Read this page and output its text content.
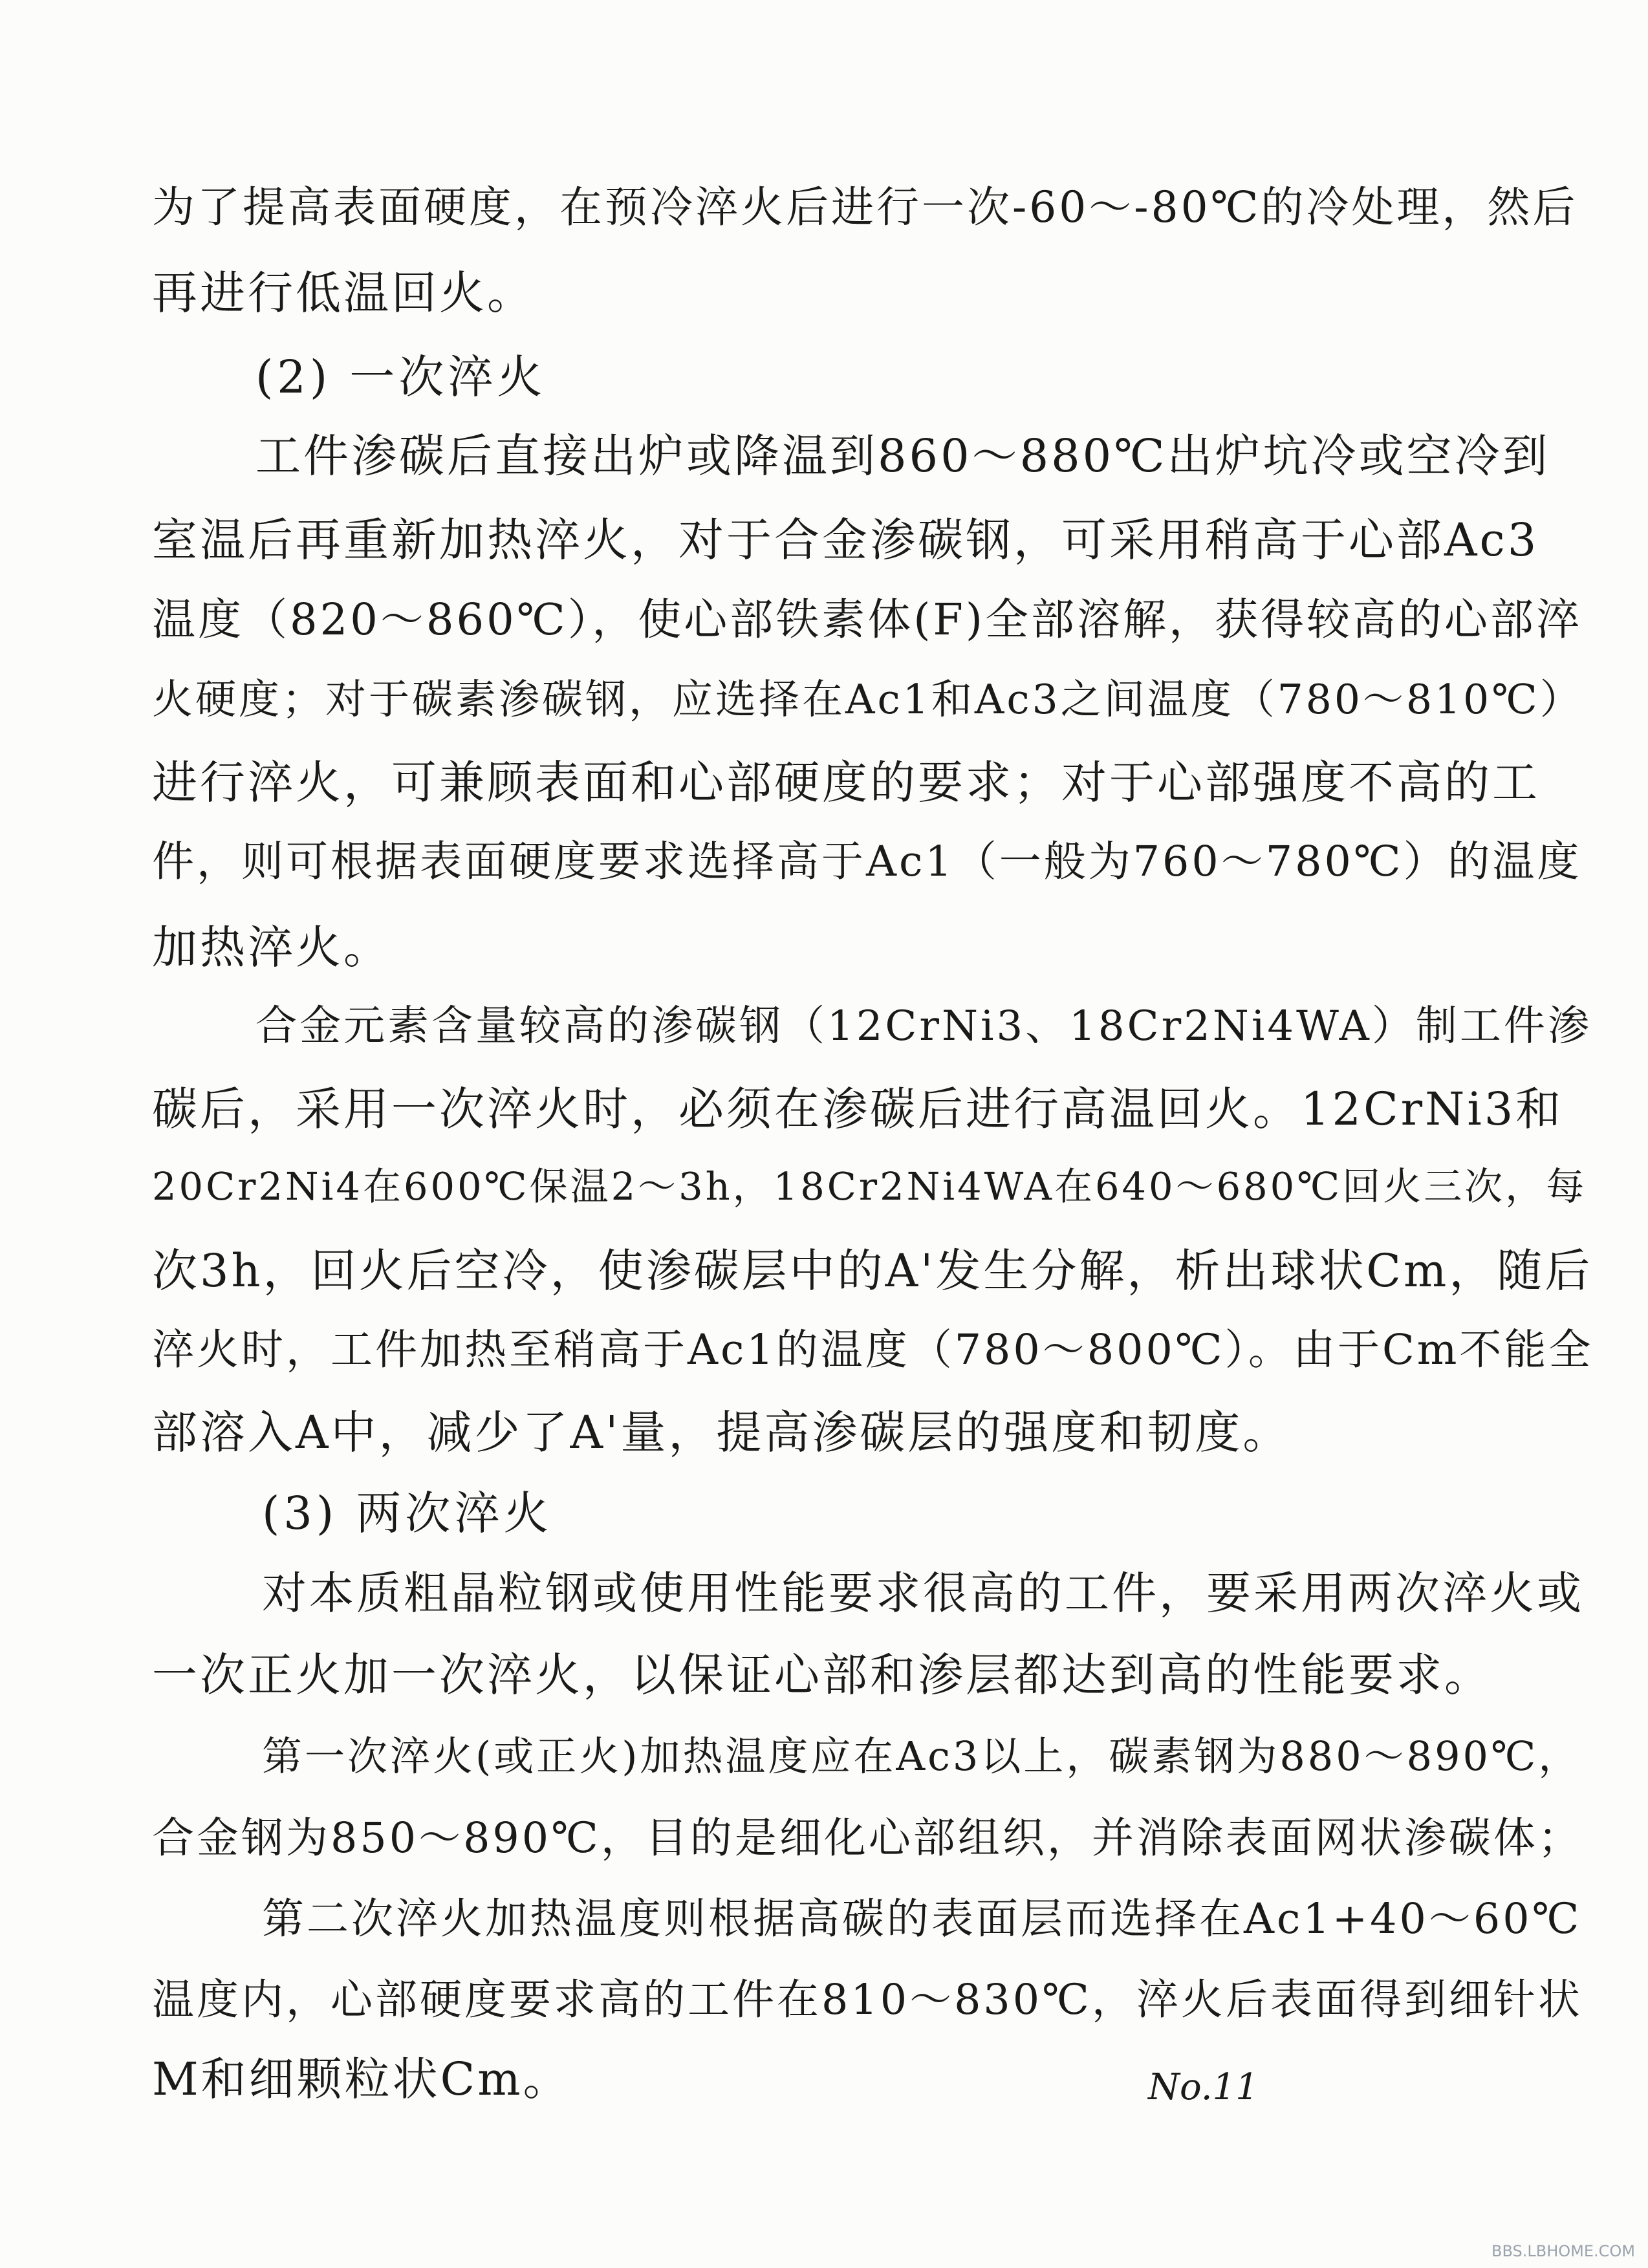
为了提高表面硬度，在预冷淬火后进行一次-60～-80℃的冷处理，然后
再进行低温回火。
(2) 一次淬火
工件渗碳后直接出炉或降温到860～880℃出炉坑冷或空冷到
室温后再重新加热淬火，对于合金渗碳钢，可采用稍高于心部Ac3
温度（820～860℃），使心部铁素体(F)全部溶解，获得较高的心部淬
火硬度；对于碳素渗碳钢，应选择在Ac1和Ac3之间温度（780～810℃）
进行淬火，可兼顾表面和心部硬度的要求；对于心部强度不高的工
件，则可根据表面硬度要求选择高于Ac1（一般为760～780℃）的温度
加热淬火。
合金元素含量较高的渗碳钢（12CrNi3、18Cr2Ni4WA）制工件渗
碳后，采用一次淬火时，必须在渗碳后进行高温回火。12CrNi3和
20Cr2Ni4在600℃保温2～3h，18Cr2Ni4WA在640～680℃回火三次，每
次3h，回火后空冷，使渗碳层中的A'发生分解，析出球状Cm，随后
淬火时，工件加热至稍高于Ac1的温度（780～800℃）。由于Cm不能全
部溶入A中，减少了A'量，提高渗碳层的强度和韧度。
(3) 两次淬火
对本质粗晶粒钢或使用性能要求很高的工件，要采用两次淬火或
一次正火加一次淬火，以保证心部和渗层都达到高的性能要求。
第一次淬火(或正火)加热温度应在Ac3以上，碳素钢为880～890℃，
合金钢为850～890℃，目的是细化心部组织，并消除表面网状渗碳体；
第二次淬火加热温度则根据高碳的表面层而选择在Ac1+40～60℃
温度内，心部硬度要求高的工件在810～830℃，淬火后表面得到细针状
M和细颗粒状Cm。	No.11
BBS.LBHOME.COM
